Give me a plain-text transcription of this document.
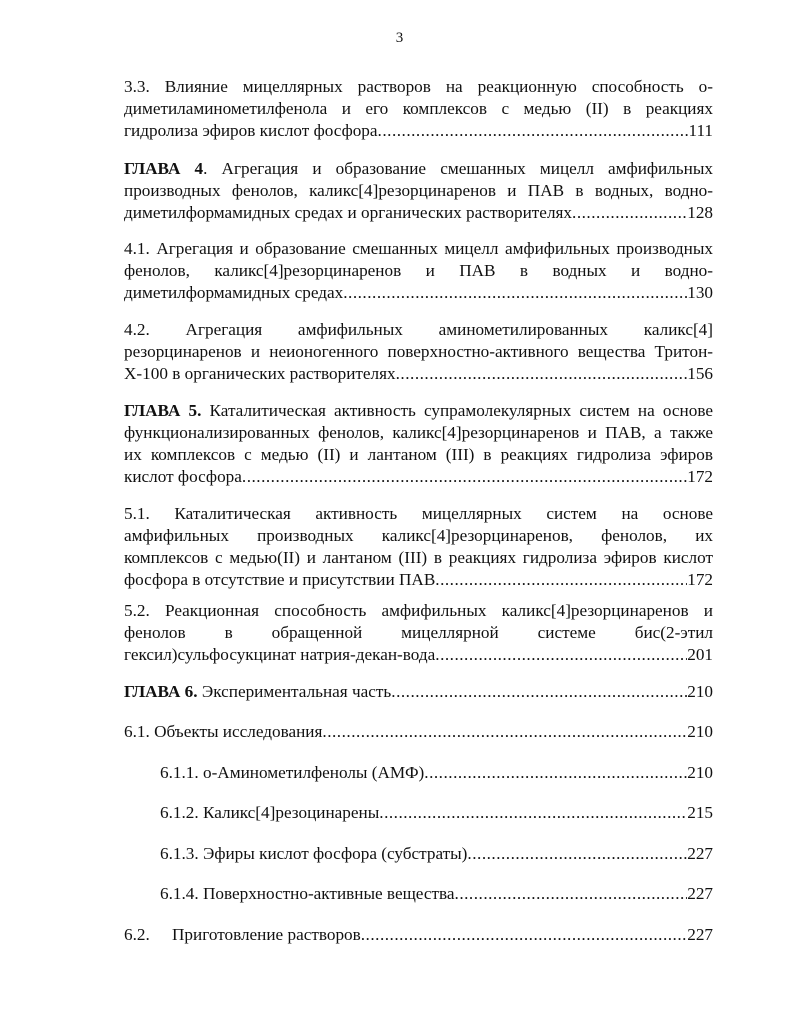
3
3.3. Влияние мицеллярных растворов на реакционную способность о-
диметиламинометилфенола и его комплексов с медью (II) в реакциях
гидролиза эфиров кислот фосфора .....	111
ГЛАВА 4. Агрегация и образование смешанных мицелл амфифильных
производных фенолов, каликс[4]резорцинаренов и ПАВ в водных, водно-
диметилформамидных средах и органических растворителях .....	128
4.1. Агрегация и образование смешанных мицелл амфифильных производных
фенолов, каликс[4]резорцинаренов и ПАВ в водных и водно-
диметилформамидных средах .....	130
4.2. Агрегация амфифильных аминометилированных каликс[4]
резорцинаренов и неионогенного поверхностно-активного вещества Тритон-
Х-100 в органических растворителях .....	156
ГЛАВА 5. Каталитическая активность супрамолекулярных систем на основе
функционализированных фенолов, каликс[4]резорцинаренов и ПАВ, а также
их комплексов с медью (II) и лантаном (III) в реакциях гидролиза эфиров
кислот фосфора .....	172
5.1. Каталитическая активность мицеллярных систем на основе
амфифильных производных каликс[4]резорцинаренов, фенолов, их
комплексов с медью(II) и лантаном (III) в реакциях гидролиза эфиров кислот
фосфора в отсутствие и присутствии ПАВ .....	172
5.2. Реакционная способность амфифильных каликс[4]резорцинаренов и
фенолов в обращенной мицеллярной системе бис(2-этил
гексил)сульфосукцинат натрия-декан-вода .....	201
ГЛАВА 6. Экспериментальная часть .....	210
6.1. Объекты исследования .....	210
6.1.1. о-Аминометилфенолы (АМФ) .....	210
6.1.2. Каликс[4]резоцинарены .....	215
6.1.3. Эфиры кислот фосфора (субстраты) .....	227
6.1.4. Поверхностно-активные вещества .....	227
6.2.	Приготовление растворов .....	227
